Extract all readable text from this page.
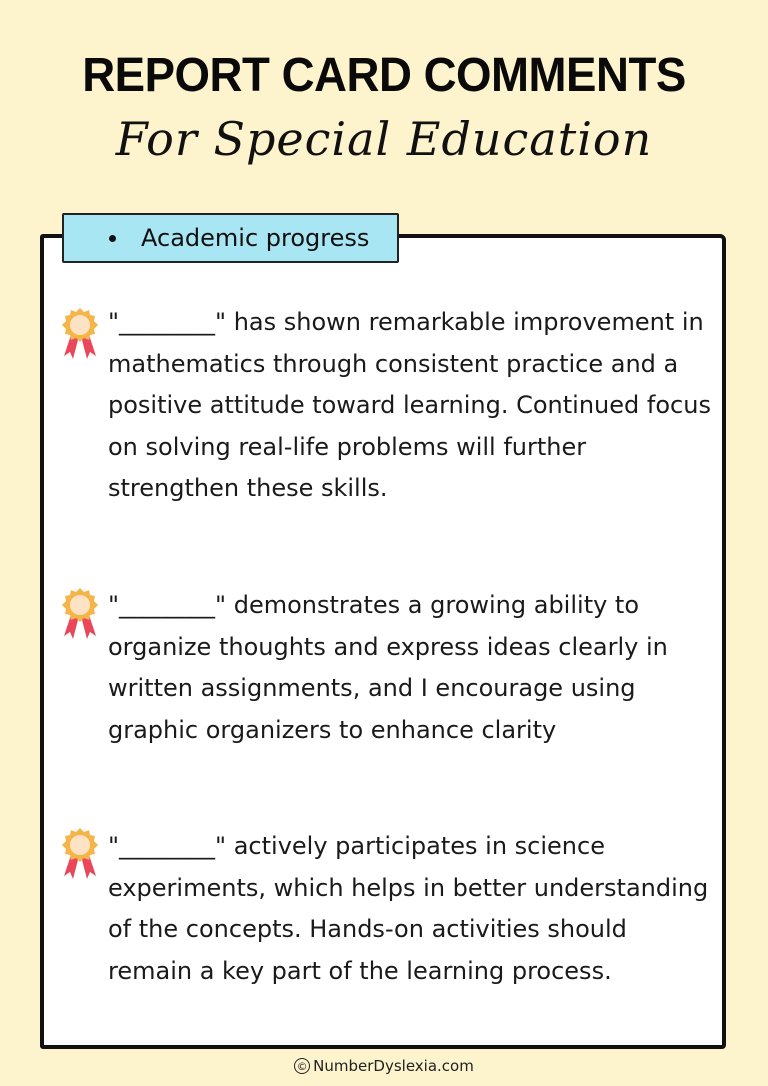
REPORT CARD COMMENTS
For Special Education
Academic progress
"________" has shown remarkable improvement in mathematics through consistent practice and a positive attitude toward learning. Continued focus on solving real-life problems will further strengthen these skills.
"________" demonstrates a growing ability to organize thoughts and express ideas clearly in written assignments, and I encourage using graphic organizers to enhance clarity
"________" actively participates in science experiments, which helps in better understanding of the concepts. Hands-on activities should remain a key part of the learning process.
© NumberDyslexia.com
